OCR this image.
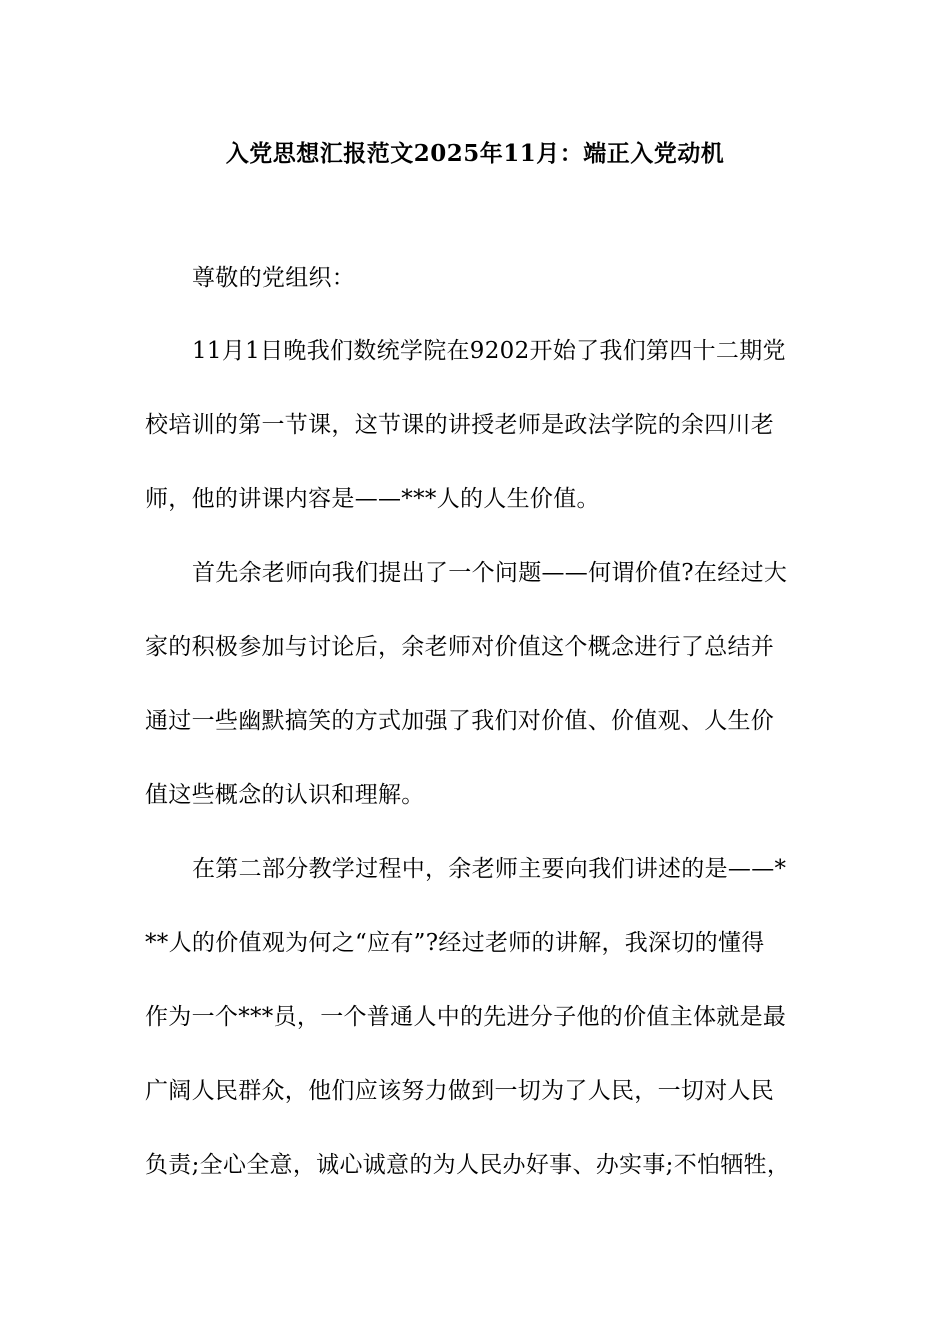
入党思想汇报范文2025年11月：端正入党动机
尊敬的党组织：
11月1日晚我们数统学院在9202开始了我们第四十二期党
校培训的第一节课，这节课的讲授老师是政法学院的余四川老
师，他的讲课内容是——***人的人生价值。
首先余老师向我们提出了一个问题——何谓价值?在经过大
家的积极参加与讨论后，余老师对价值这个概念进行了总结并
通过一些幽默搞笑的方式加强了我们对价值、价值观、人生价
值这些概念的认识和理解。
在第二部分教学过程中，余老师主要向我们讲述的是——*
**人的价值观为何之“应有”?经过老师的讲解，我深切的懂得
作为一个***员，一个普通人中的先进分子他的价值主体就是最
广阔人民群众，他们应该努力做到一切为了人民，一切对人民
负责;全心全意，诚心诚意的为人民办好事、办实事;不怕牺牲，
